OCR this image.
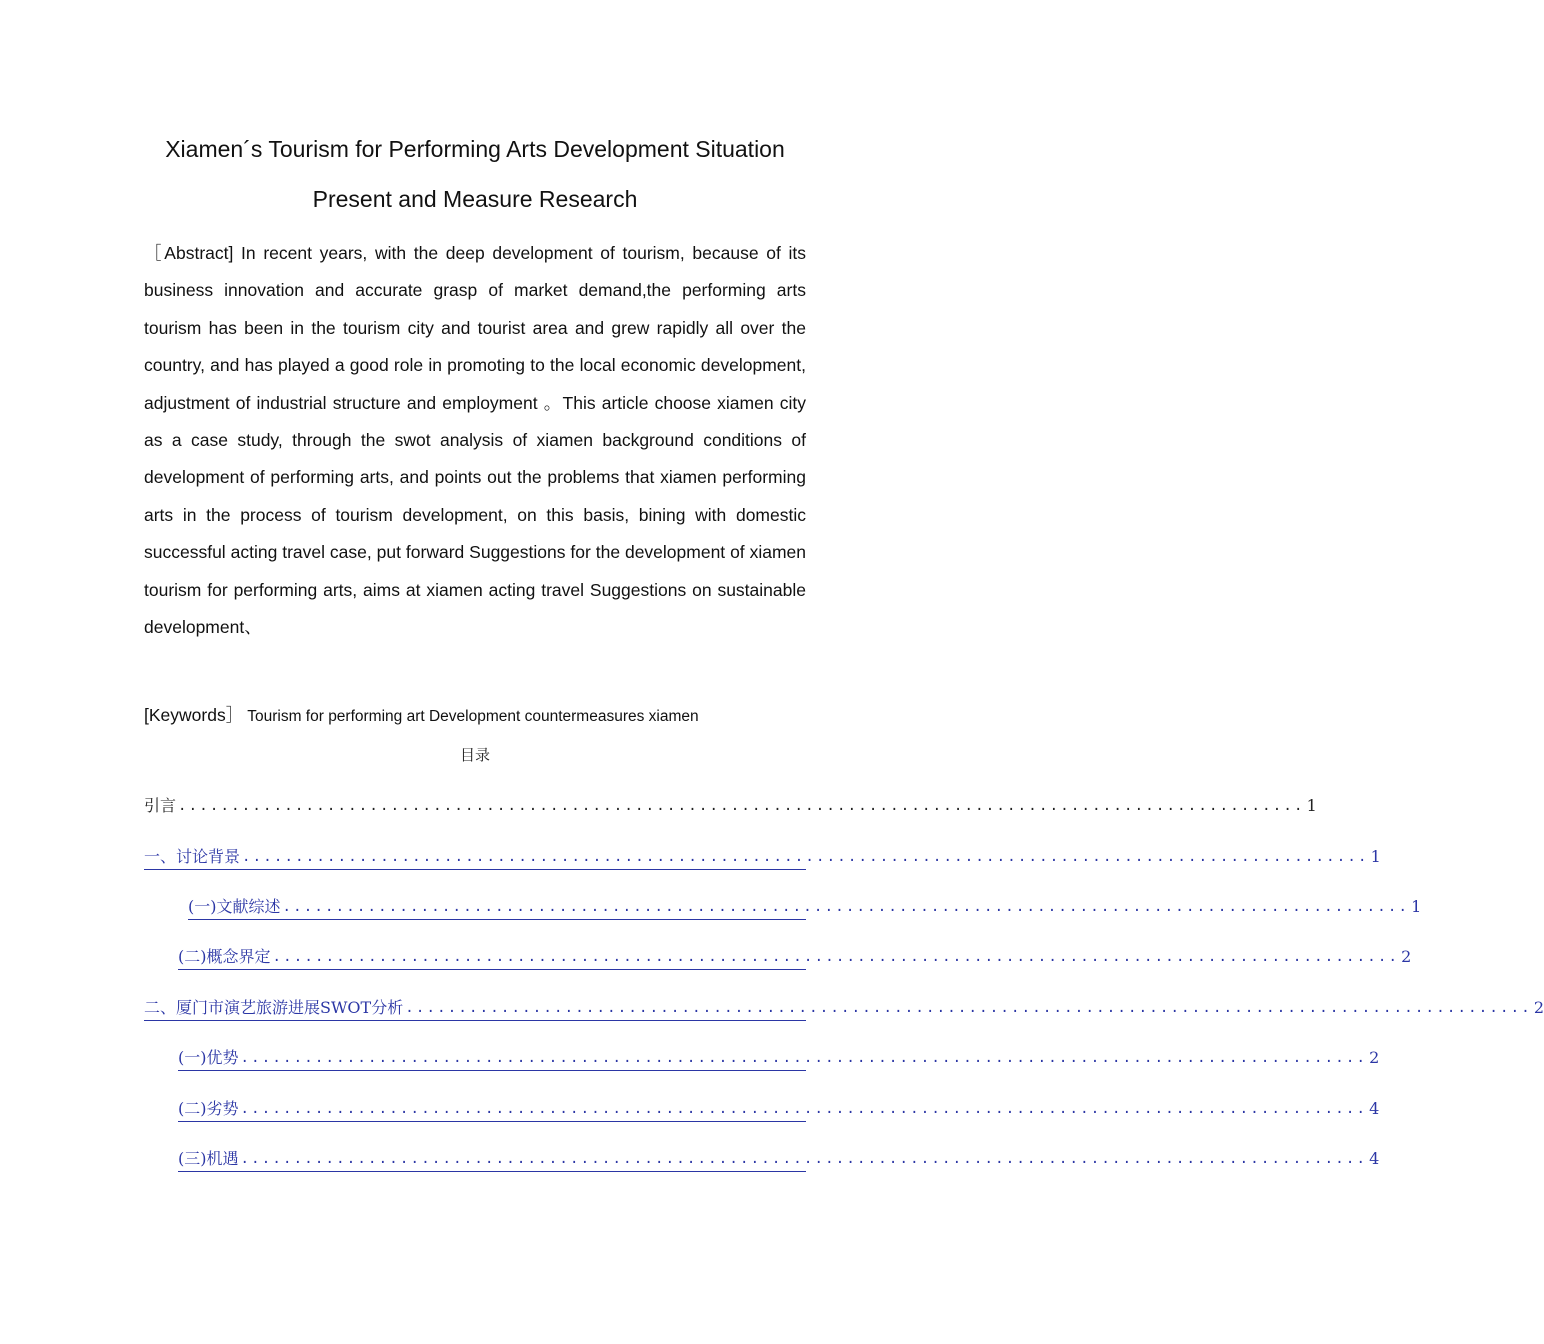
Xiamen´s Tourism for Performing Arts Development Situation
Present and Measure Research

［Abstract] In recent years, with the deep development of tourism, because of its business innovation and accurate grasp of market demand,the performing arts tourism has been in the tourism city and tourist area and grew rapidly all over the country, and has played a good role in promoting to the local economic development, adjustment of industrial structure and employment 。This article choose xiamen city as a case study, through the swot analysis of xiamen background conditions of development of performing arts, and points out the problems that xiamen performing arts in the process of tourism development, on this basis, bining with domestic successful acting travel case, put forward Suggestions for the development of xiamen tourism for performing arts, aims at xiamen acting travel Suggestions on sustainable development、

[Keywords］ Tourism for performing art Development countermeasures xiamen
目录
引言 .......................................................................................................... 1
一、讨论背景 .......................................................................................................... 1
(一)文献综述 .......................................................................................................... 1
(二)概念界定 .......................................................................................................... 2
二、厦门市演艺旅游进展SWOT分析 .......................................................................................................... 2
(一)优势 .......................................................................................................... 2
(二)劣势 .......................................................................................................... 4
(三)机遇 .......................................................................................................... 4
